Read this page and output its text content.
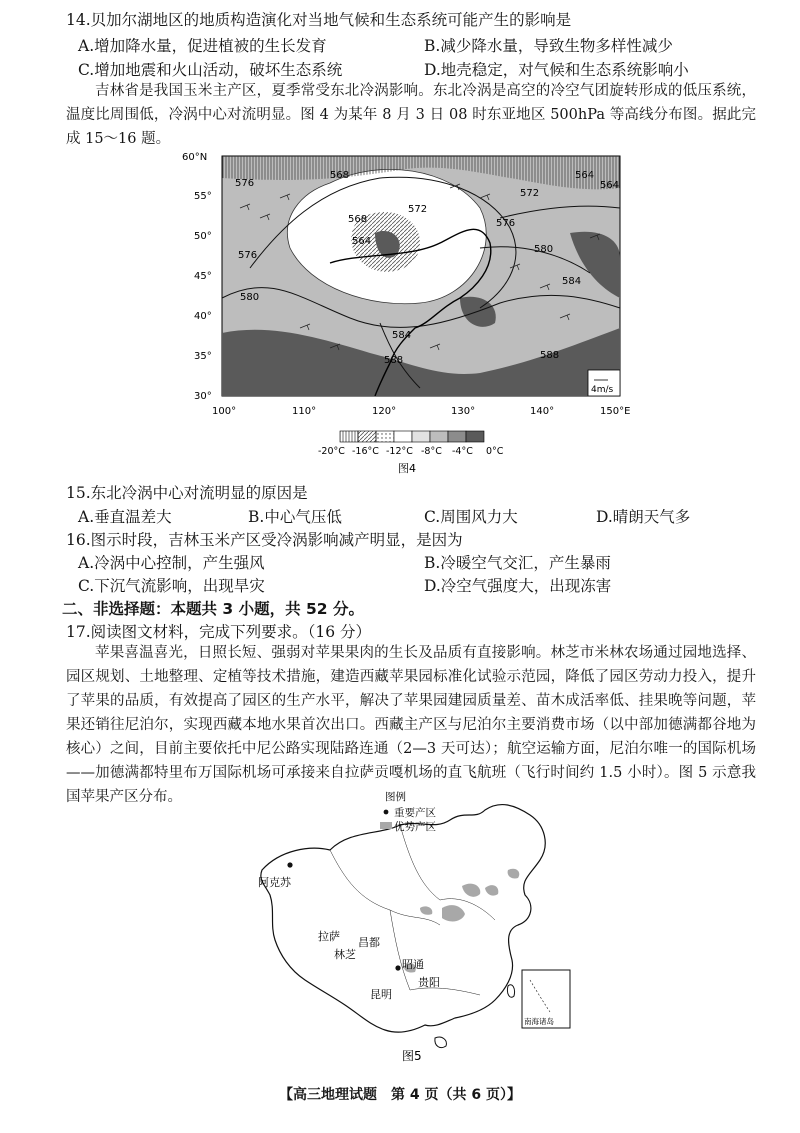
14.贝加尔湖地区的地质构造演化对当地气候和生态系统可能产生的影响是
A.增加降水量，促进植被的生长发育	B.减少降水量，导致生物多样性减少
C.增加地震和火山活动，破坏生态系统	D.地壳稳定，对气候和生态系统影响小

吉林省是我国玉米主产区，夏季常受东北冷涡影响。东北冷涡是高空的冷空气团旋转形成的低压系统，温度比周围低，冷涡中心对流明显。图 4 为某年 8 月 3 日 08 时东亚地区 500hPa 等高线分布图。据此完成 15～16 题。

576
568
572
568
564
576
572
576
580
584
580
584
588	588
564
564
4m/s
60°N
55°
50°
45°
40°
35°
30°
100°	110°	120°	130°	140°	150°E
-20°C -16°C -12°C -8°C -4°C 0°C
图4
15.东北冷涡中心对流明显的原因是
A.垂直温差大	B.中心气压低	C.周围风力大	D.晴朗天气多
16.图示时段，吉林玉米产区受冷涡影响减产明显，是因为
A.冷涡中心控制，产生强风	B.冷暖空气交汇，产生暴雨
C.下沉气流影响，出现旱灾	D.冷空气强度大，出现冻害
二、非选择题：本题共 3 小题，共 52 分。
17.阅读图文材料，完成下列要求。（16 分）

苹果喜温喜光，日照长短、强弱对苹果果肉的生长及品质有直接影响。林芝市米林农场通过园地选择、园区规划、土地整理、定植等技术措施，建造西藏苹果园标准化试验示范园，降低了园区劳动力投入，提升了苹果的品质，有效提高了园区的生产水平，解决了苹果园建园质量差、苗木成活率低、挂果晚等问题，苹果还销往尼泊尔，实现西藏本地水果首次出口。西藏主产区与尼泊尔主要消费市场（以中部加德满都谷地为核心）之间，目前主要依托中尼公路实现陆路连通（2—3 天可达）；航空运输方面，尼泊尔唯一的国际机场——加德满都特里布万国际机场可承接来自拉萨贡嘎机场的直飞航班（飞行时间约 1.5 小时）。图 5 示意我国苹果产区分布。

阿克苏
拉萨 昌都
林芝
昭通
贵阳
昆明
图例
重要产区
优势产区
南海诸岛
图5
【高三地理试题　第 4 页（共 6 页）】
